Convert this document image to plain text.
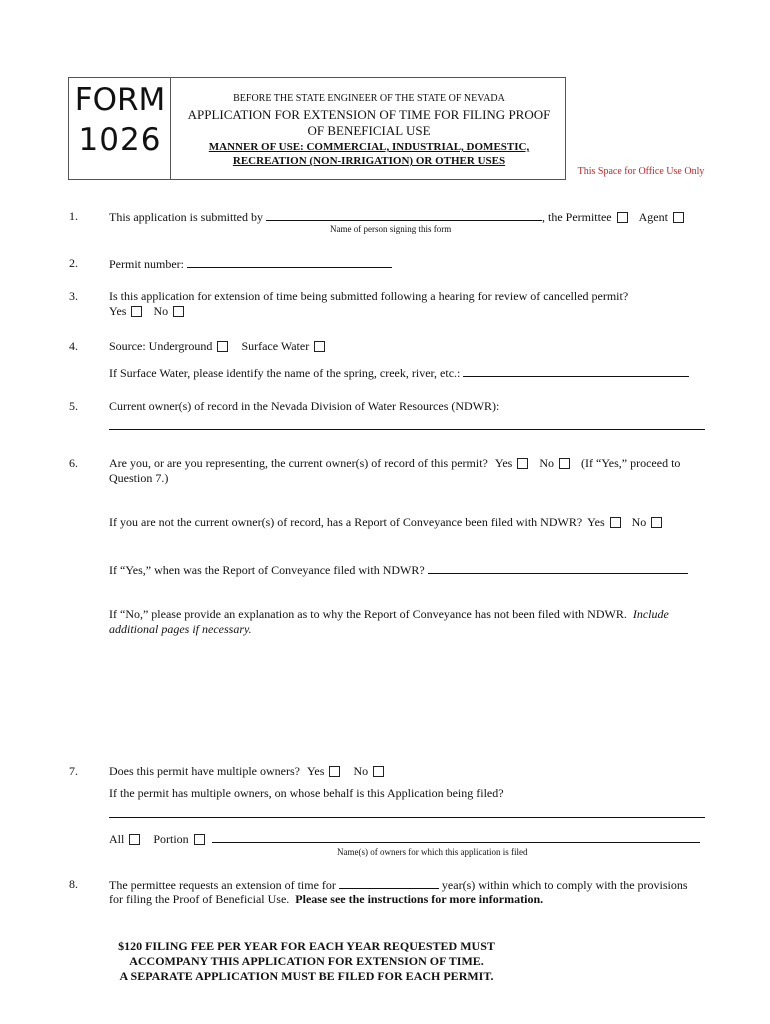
FORM
1026
BEFORE THE STATE ENGINEER OF THE STATE OF NEVADA
APPLICATION FOR EXTENSION OF TIME FOR FILING PROOF
OF BENEFICIAL USE
MANNER OF USE: COMMERCIAL, INDUSTRIAL, DOMESTIC,
RECREATION (NON-IRRIGATION) OR OTHER USES
This Space for Office Use Only
1.	This application is submitted by	, the Permittee Agent
Name of person signing this form
2.	Permit number:
3.	Is this application for extension of time being submitted following a hearing for review of cancelled permit?
Yes No
4.	Source: Underground Surface Water
If Surface Water, please identify the name of the spring, creek, river, etc.:
5.	Current owner(s) of record in the Nevada Division of Water Resources (NDWR):
6.	Are you, or are you representing, the current owner(s) of record of this permit? Yes No (If “Yes,” proceed to
Question 7.)
If you are not the current owner(s) of record, has a Report of Conveyance been filed with NDWR? Yes No
If “Yes,” when was the Report of Conveyance filed with NDWR?
If “No,” please provide an explanation as to why the Report of Conveyance has not been filed with NDWR. Include
additional pages if necessary.
7.	Does this permit have multiple owners? Yes No
If the permit has multiple owners, on whose behalf is this Application being filed?
All Portion
Name(s) of owners for which this application is filed
8.	The permittee requests an extension of time for	year(s) within which to comply with the provisions
for filing the Proof of Beneficial Use. Please see the instructions for more information.
$120 FILING FEE PER YEAR FOR EACH YEAR REQUESTED MUST
ACCOMPANY THIS APPLICATION FOR EXTENSION OF TIME.
A SEPARATE APPLICATION MUST BE FILED FOR EACH PERMIT.
